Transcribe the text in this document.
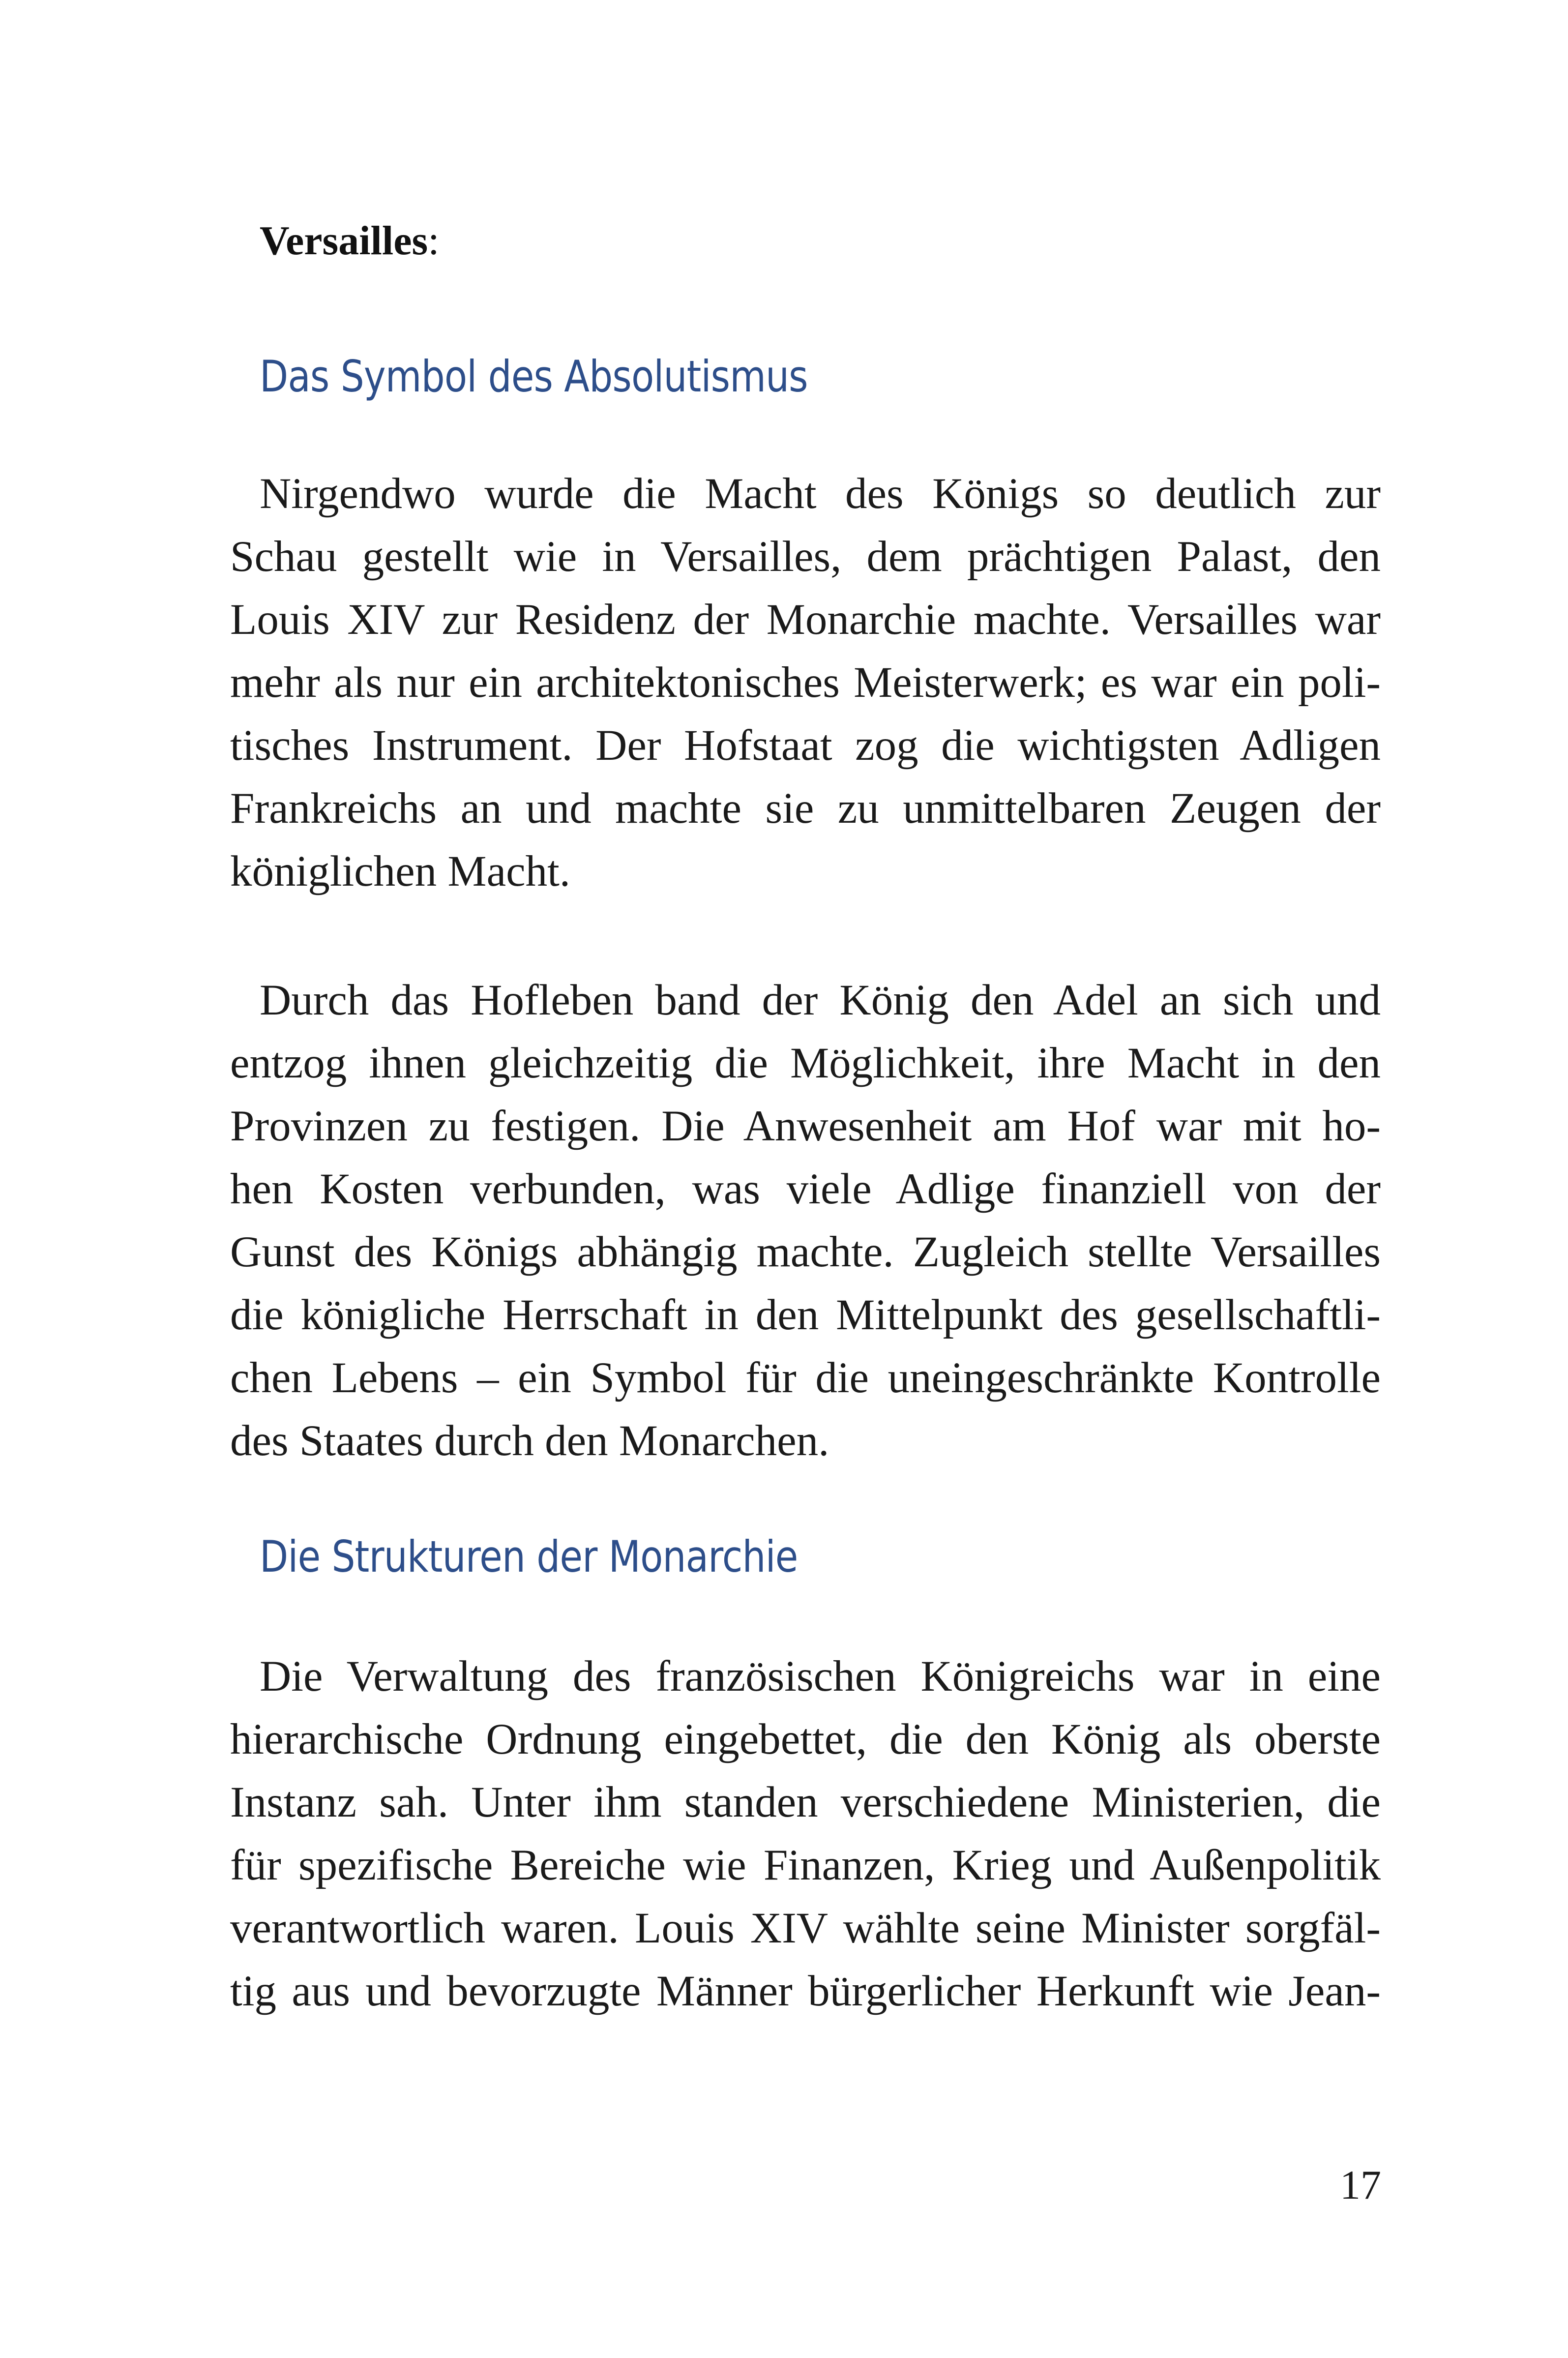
Versailles:

Das Symbol des Absolutismus
Nirgendwo wurde die Macht des Königs so deutlich zur
Schau gestellt wie in Versailles, dem prächtigen Palast, den
Louis XIV zur Residenz der Monarchie machte. Versailles war
mehr als nur ein architektonisches Meisterwerk; es war ein poli-
tisches Instrument. Der Hofstaat zog die wichtigsten Adligen
Frankreichs an und machte sie zu unmittelbaren Zeugen der
königlichen Macht.
Durch das Hofleben band der König den Adel an sich und
entzog ihnen gleichzeitig die Möglichkeit, ihre Macht in den
Provinzen zu festigen. Die Anwesenheit am Hof war mit ho-
hen Kosten verbunden, was viele Adlige finanziell von der
Gunst des Königs abhängig machte. Zugleich stellte Versailles
die königliche Herrschaft in den Mittelpunkt des gesellschaftli-
chen Lebens – ein Symbol für die uneingeschränkte Kontrolle
des Staates durch den Monarchen.
Die Strukturen der Monarchie
Die Verwaltung des französischen Königreichs war in eine
hierarchische Ordnung eingebettet, die den König als oberste
Instanz sah. Unter ihm standen verschiedene Ministerien, die
für spezifische Bereiche wie Finanzen, Krieg und Außenpolitik
verantwortlich waren. Louis XIV wählte seine Minister sorgfäl-
tig aus und bevorzugte Männer bürgerlicher Herkunft wie Jean-

17
